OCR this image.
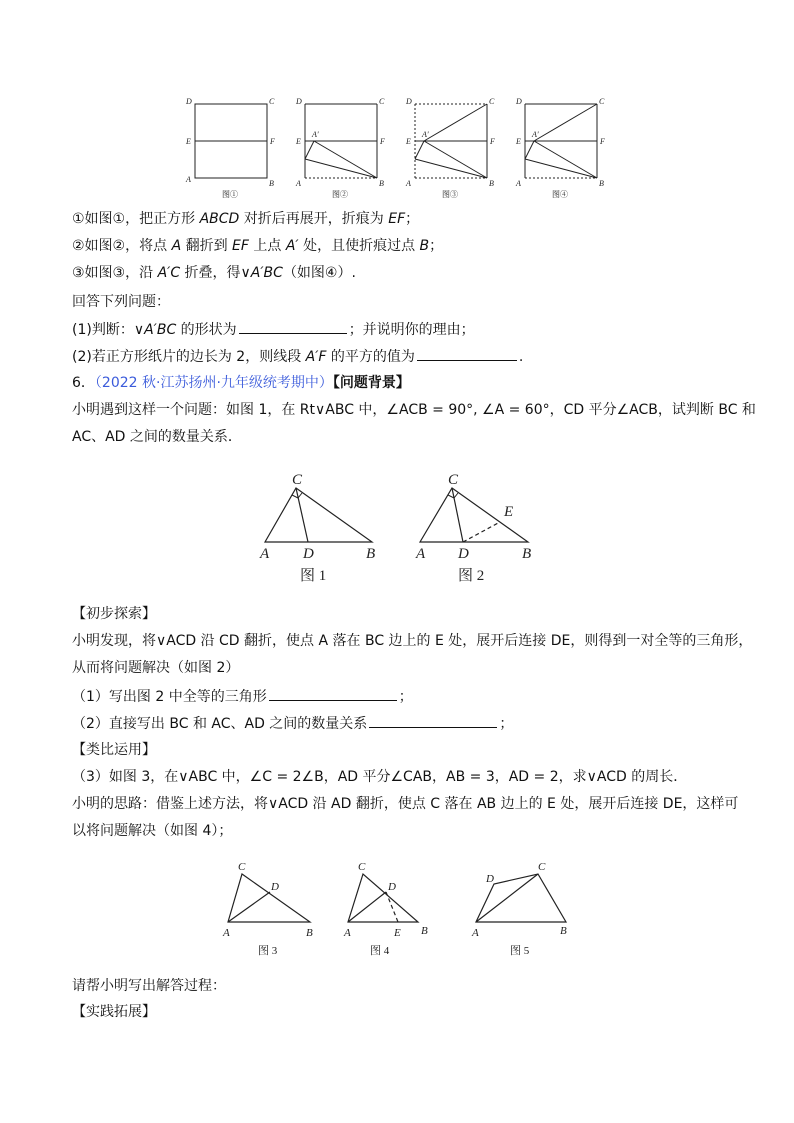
D	C
E	F
A	B
D	C
E	F
A′
A	B
D	C
E	F
A′
A	B
D	C
E	F
A′
A	B
图①	图②	图③	图④
①如图①，把正方形 ABCD 对折后再展开，折痕为 EF；
②如图②，将点 A 翻折到 EF 上点 A′ 处，且使折痕过点 B；
③如图③，沿 A′C 折叠，得∨A′BC（如图④）.
回答下列问题：
(1)判断：∨A′BC 的形状为	；并说明你的理由；
(2)若正方形纸片的边长为 2，则线段 A′F 的平方的值为	.
6．（2022 秋·江苏扬州·九年级统考期中）【问题背景】
小明遇到这样一个问题：如图 1，在 Rt∨ABC 中，∠ACB = 90°, ∠A = 60°，CD 平分∠ACB，试判断 BC 和
AC、AD 之间的数量关系．
C
A D	B
C
A D
E
B
图 1	图 2
【初步探索】
小明发现，将∨ACD 沿 CD 翻折，使点 A 落在 BC 边上的 E 处，展开后连接 DE，则得到一对全等的三角形，
从而将问题解决（如图 2）
（1）写出图 2 中全等的三角形	；
（2）直接写出 BC 和 AC、AD 之间的数量关系	；
【类比运用】
（3）如图 3，在∨ABC 中，∠C = 2∠B，AD 平分∠CAB，AB = 3，AD = 2，求∨ACD 的周长．
小明的思路：借鉴上述方法，将∨ACD 沿 AD 翻折，使点 C 落在 AB 边上的 E 处，展开后连接 DE，这样可
以将问题解决（如图 4）；
C
D
A	B
C
D
A	E B
D
C
A	B
图 3	图 4	图 5
请帮小明写出解答过程：
【实践拓展】
